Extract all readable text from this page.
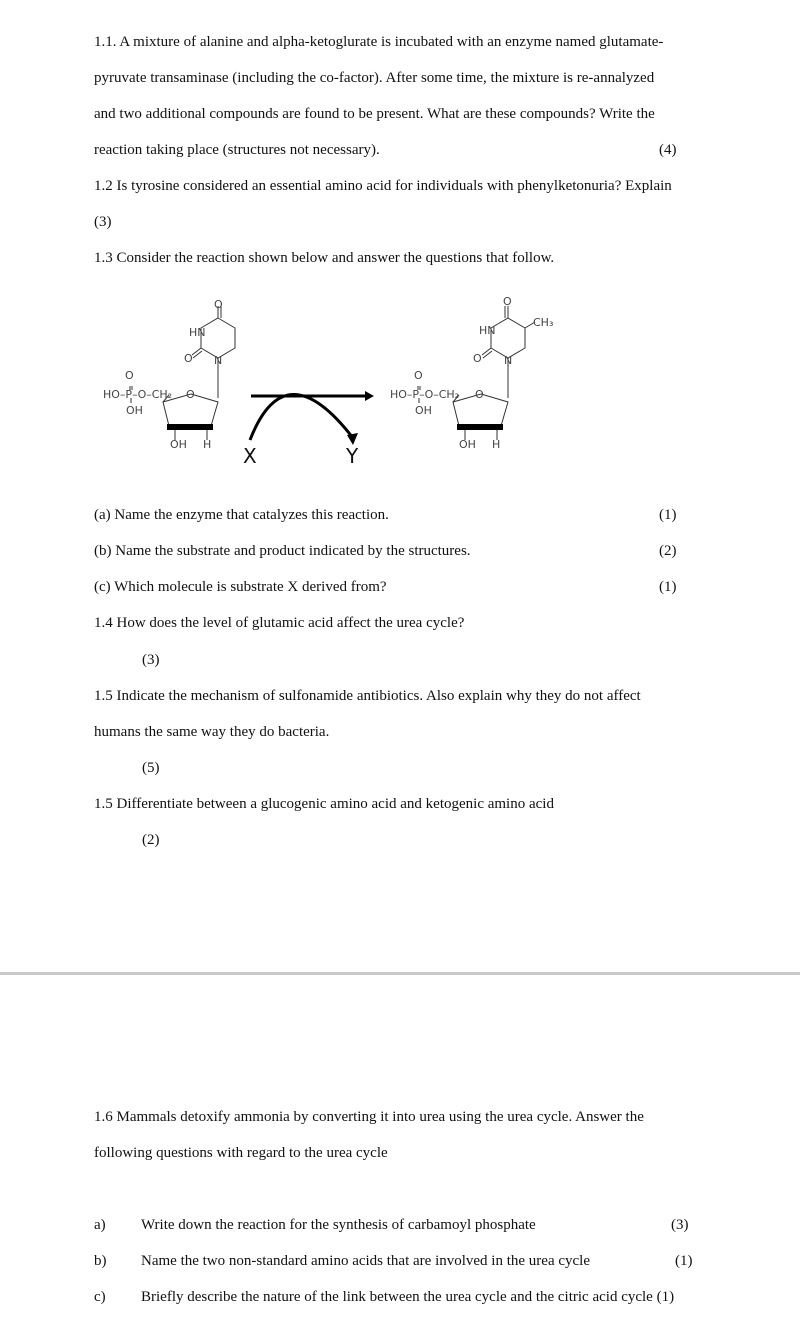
1.1. A mixture of alanine and alpha-ketoglurate is incubated with an enzyme named glutamate-
pyruvate transaminase (including the co-factor). After some time, the mixture is re-annalyzed
and two additional compounds are found to be present. What are these compounds? Write the
reaction taking place (structures not necessary).	(4)
1.2 Is tyrosine considered an essential amino acid for individuals with phenylketonuria? Explain
(3)
1.3 Consider the reaction shown below and answer the questions that follow.
O
HO–P–O–CH₂ O
OH
O
HN
O N
OH H
O
HO–P–O–CH₂ O
OH
O
HN
O N
CH₃
OH H
X	Y
(a) Name the enzyme that catalyzes this reaction.	(1)
(b) Name the substrate and product indicated by the structures.	(2)
(c) Which molecule is substrate X derived from?	(1)
1.4 How does the level of glutamic acid affect the urea cycle?
(3)
1.5 Indicate the mechanism of sulfonamide antibiotics. Also explain why they do not affect
humans the same way they do bacteria.
(5)
1.5 Differentiate between a glucogenic amino acid and ketogenic amino acid
(2)
1.6 Mammals detoxify ammonia by converting it into urea using the urea cycle. Answer the
following questions with regard to the urea cycle
a) Write down the reaction for the synthesis of carbamoyl phosphate	(3)
b) Name the two non-standard amino acids that are involved in the urea cycle	(1)
c) Briefly describe the nature of the link between the urea cycle and the citric acid cycle (1)
